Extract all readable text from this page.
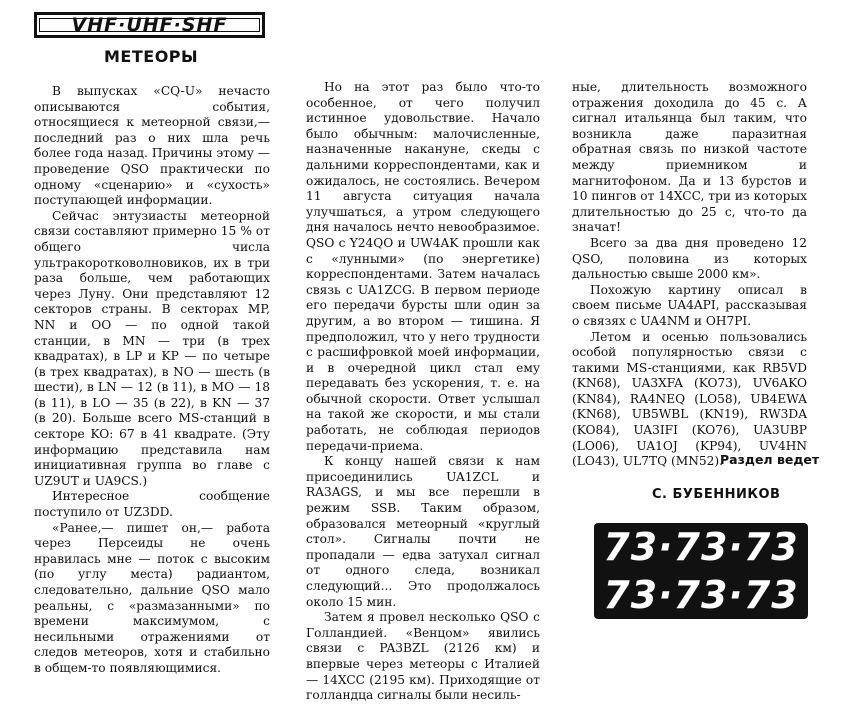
VHF·UHF·SHF
МЕТЕОРЫ

В выпусках «CQ-U» нечасто описываются события, относящиеся к метеорной связи,— последний раз о них шла речь более года назад. Причины этому — проведение QSO практически по одному «сценарию» и «сухость» поступающей информации.

Сейчас энтузиасты метеорной связи составляют примерно 15 % от общего числа ультракоротковолновиков, их в три раза больше, чем работающих через Луну. Они представляют 12 секторов страны. В секторах MP, NN и OO — по одной такой станции, в MN — три (в трех квадратах), в LP и KP — по четыре (в трех квадратах), в NO — шесть (в шести), в LN — 12 (в 11), в MO — 18 (в 11), в LO — 35 (в 22), в KN — 37 (в 20). Больше всего MS-станций в секторе KO: 67 в 41 квадрате. (Эту информацию представила нам инициативная группа во главе с UZ9UT и UA9CS.)

Интересное сообщение поступило от UZ3DD.

«Ранее,— пишет он,— работа через Персеиды не очень нравилась мне — поток с высоким (по углу места) радиантом, следовательно, дальние QSO мало реальны, с «размазанными» по времени максимумом, с несильными отражениями от следов метеоров, хотя и стабильно в общем-то появляющимися.

Но на этот раз было что-то особенное, от чего получил истинное удовольствие. Начало было обычным: малочисленные, назначенные накануне, скеды с дальними корреспондентами, как и ожидалось, не состоялись. Вечером 11 августа ситуация начала улучшаться, а утром следующего дня началось нечто невообразимое. QSO с Y24QO и UW4AK прошли как с «лунными» (по энергетике) корреспондентами. Затем началась связь с UA1ZCG. В первом периоде его передачи бурсты шли один за другим, а во втором — тишина. Я предположил, что у него трудности с расшифровкой моей информации, и в очередной цикл стал ему передавать без ускорения, т. е. на обычной скорости. Ответ услышал на такой же скорости, и мы стали работать, не соблюдая периодов передачи-приема.

К концу нашей связи к нам присоединились UA1ZCL и RA3AGS, и мы все перешли в режим SSB. Таким образом, образовался метеорный «круглый стол». Сигналы почти не пропадали — едва затухал сигнал от одного следа, возникал следующий... Это продолжалось около 15 мин.

Затем я провел несколько QSO с Голландией. «Венцом» явились связи с PA3BZL (2126 км) и впервые через метеоры с Италией — 14XCC (2195 км). Приходящие от голландца сигналы были несиль-

ные, длительность возможного отражения доходила до 45 с. А сигнал итальянца был таким, что возникла даже паразитная обратная связь по низкой частоте между приемником и магнитофоном. Да и 13 бурстов и 10 пингов от 14XCC, три из которых длительностью до 25 с, что-то да значат!

Всего за два дня проведено 12 QSO, половина из которых дальностью свыше 2000 км».

Похожую картину описал в своем письме UA4API, рассказывая о связях с UA4NM и OH7PI.

Летом и осенью пользовались особой популярностью связи с такими MS-станциями, как RB5VD (KN68), UA3XFA (KO73), UV6AKO (KN84), RA4NEQ (LO58), UB4EWA (KN68), UB5WBL (KN19), RW3DA (KO84), UA3IFI (KO76), UA3UBP (LO06), UA1OJ (KP94), UV4HN (LO43), UL7TQ (MN52).

Раздел ведет
С. БУБЕННИКОВ
73·73·73
73·73·73
